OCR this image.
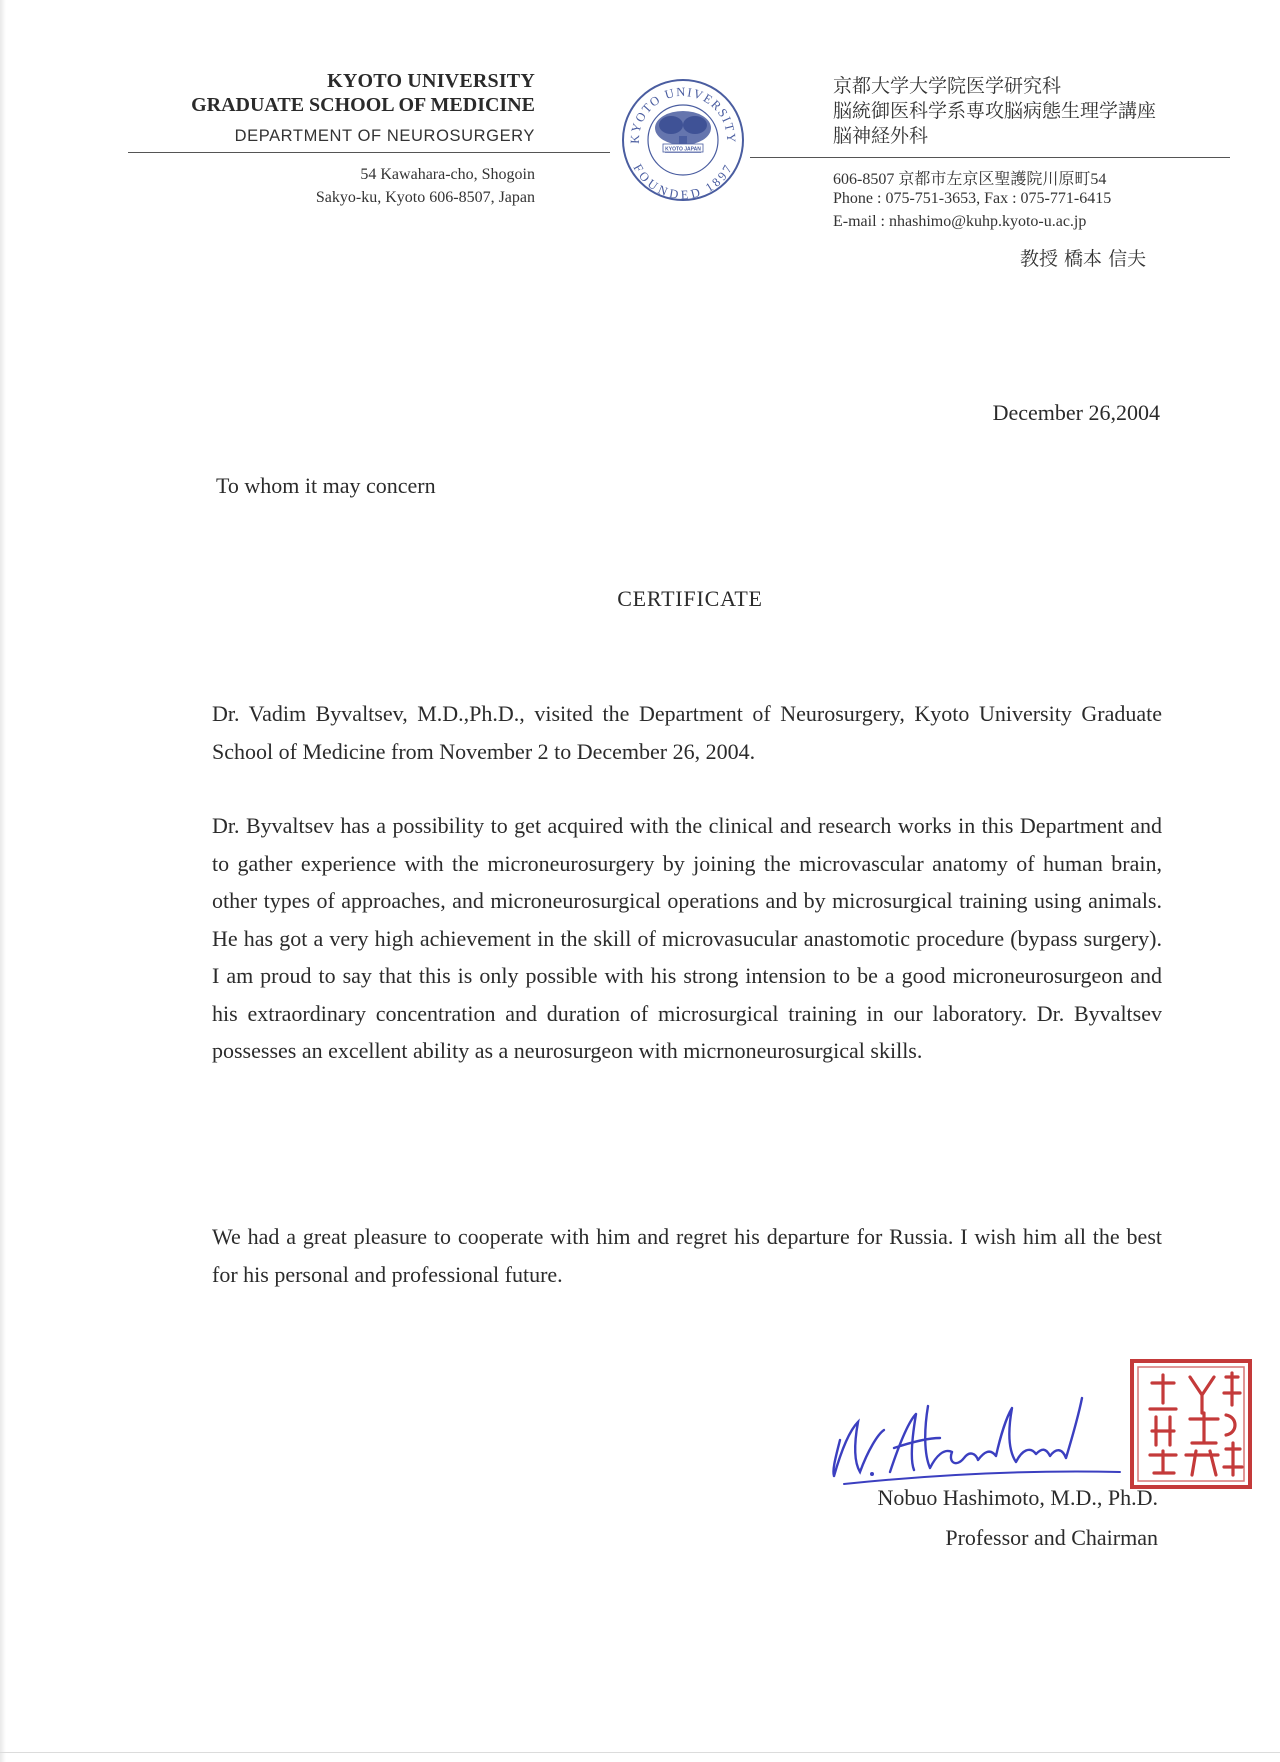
KYOTO UNIVERSITY
GRADUATE SCHOOL OF MEDICINE
DEPARTMENT OF NEUROSURGERY
54 Kawahara-cho, Shogoin
Sakyo-ku, Kyoto 606-8507, Japan
KYOTO UNIVERSITY
FOUNDED 1897
KYOTO JAPAN
京都大学大学院医学研究科
脳統御医科学系専攻脳病態生理学講座
脳神経外科
606-8507 京都市左京区聖護院川原町54
Phone : 075-751-3653, Fax : 075-771-6415
E-mail : nhashimo@kuhp.kyoto-u.ac.jp
教授 橋本 信夫
December 26,2004
To whom it may concern
CERTIFICATE
Dr. Vadim Byvaltsev, M.D.,Ph.D., visited the Department of Neurosurgery, Kyoto University Graduate School of Medicine from November 2 to December 26, 2004.
Dr. Byvaltsev has a possibility to get acquired with the clinical and research works in this Department and to gather experience with the microneurosurgery by joining the microvascular anatomy of human brain, other types of approaches, and microneurosurgical operations and by microsurgical training using animals. He has got a very high achievement in the skill of microvasucular anastomotic procedure (bypass surgery). I am proud to say that this is only possible with his strong intension to be a good microneurosurgeon and his extraordinary concentration and duration of microsurgical training in our laboratory. Dr. Byvaltsev possesses an excellent ability as a neurosurgeon with micrnoneurosurgical skills.
We had a great pleasure to cooperate with him and regret his departure for Russia. I wish him all the best for his personal and professional future.
Nobuo Hashimoto, M.D., Ph.D.
Professor and Chairman
